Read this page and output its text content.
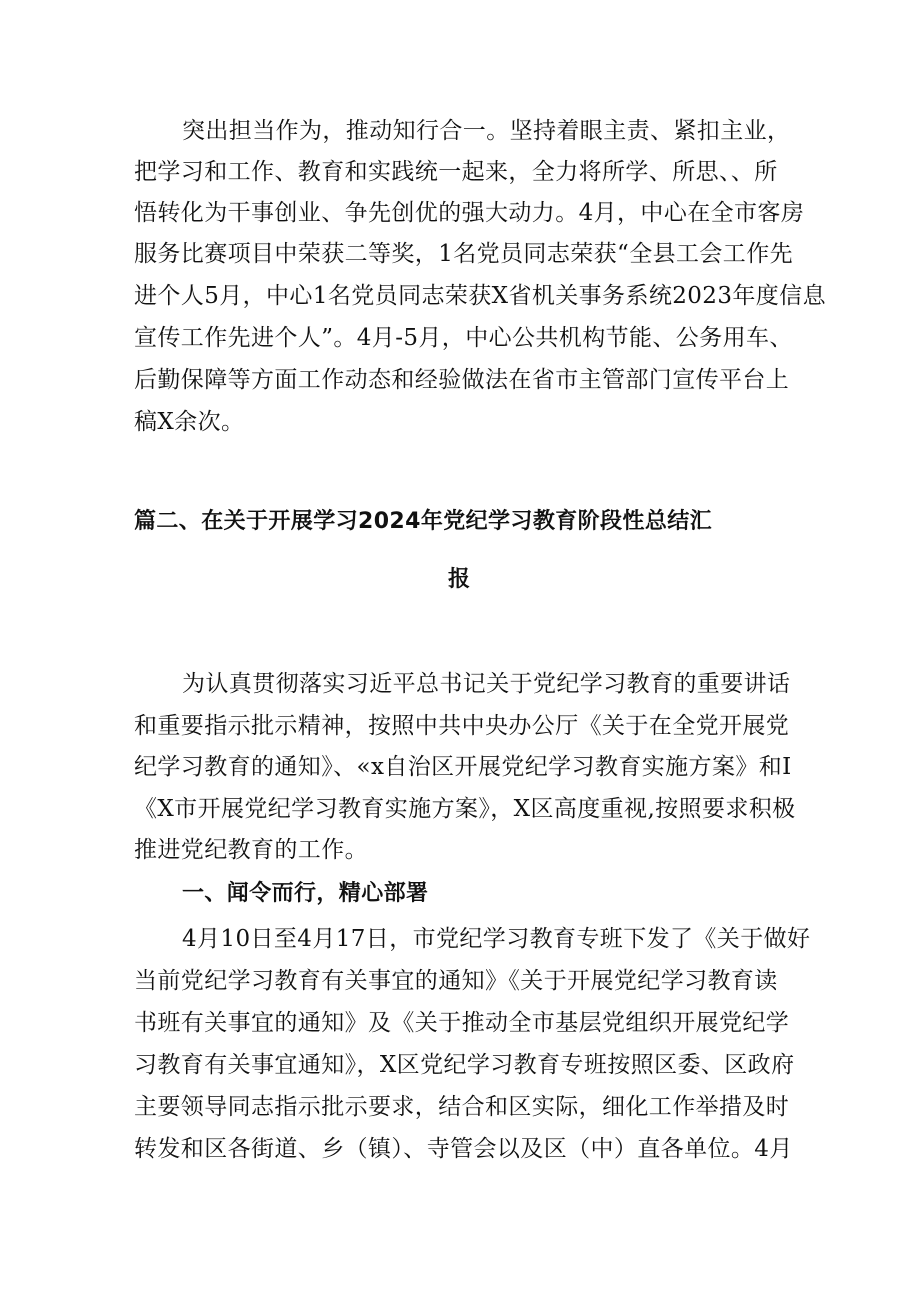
突出担当作为，推动知行合一。坚持着眼主责、紧扣主业，
把学习和工作、教育和实践统一起来，全力将所学、所思、、所
悟转化为干事创业、争先创优的强大动力。4月，中心在全市客房
服务比赛项目中荣获二等奖，1名党员同志荣获“全县工会工作先
进个人5月，中心1名党员同志荣获X省机关事务系统2023年度信息
宣传工作先进个人”。4月-5月，中心公共机构节能、公务用车、
后勤保障等方面工作动态和经验做法在省市主管部门宣传平台上
稿X余次。
篇二、在关于开展学习2024年党纪学习教育阶段性总结汇
报
为认真贯彻落实习近平总书记关于党纪学习教育的重要讲话
和重要指示批示精神，按照中共中央办公厅《关于在全党开展党
纪学习教育的通知》、«x自治区开展党纪学习教育实施方案》和I
《X市开展党纪学习教育实施方案》，X区高度重视,按照要求积极
推进党纪教育的工作。
一、闻令而行，精心部署
4月10日至4月17日，市党纪学习教育专班下发了《关于做好
当前党纪学习教育有关事宜的通知》《关于开展党纪学习教育读
书班有关事宜的通知》及《关于推动全市基层党组织开展党纪学
习教育有关事宜通知》，X区党纪学习教育专班按照区委、区政府
主要领导同志指示批示要求，结合和区实际，细化工作举措及时
转发和区各街道、乡（镇）、寺管会以及区（中）直各单位。4月
